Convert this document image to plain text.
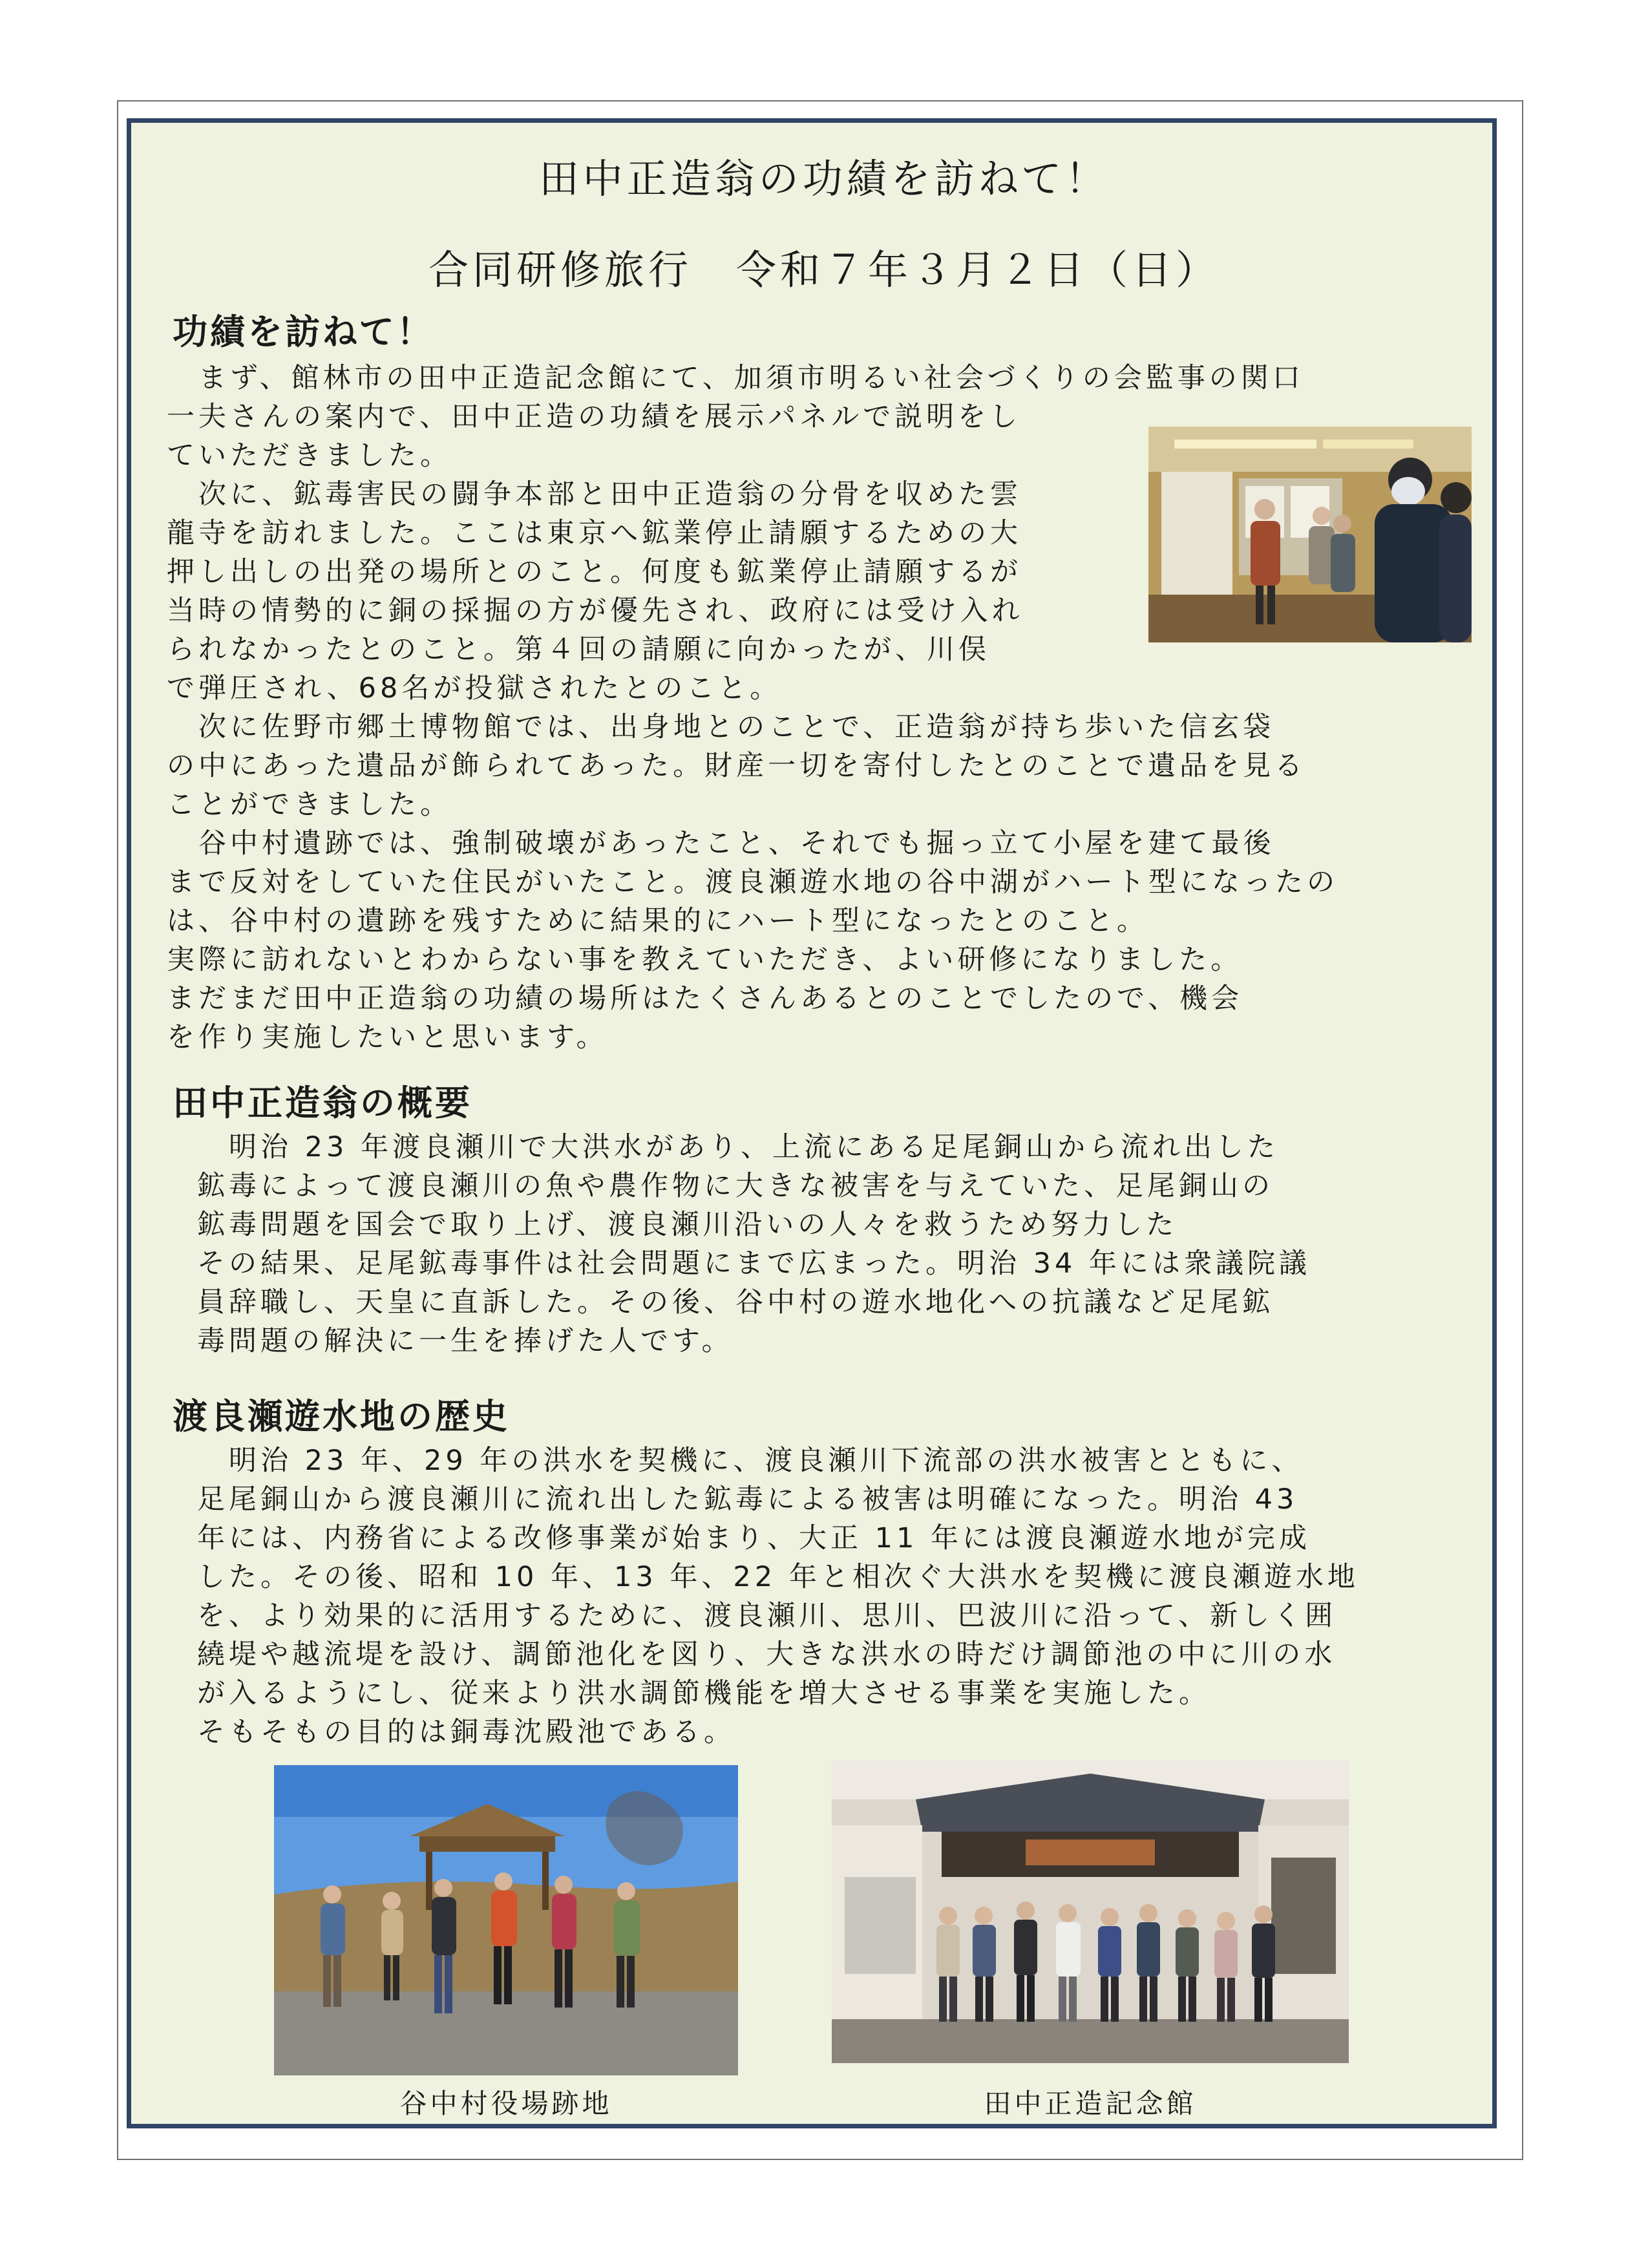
田中正造翁の功績を訪ねて！
合同研修旅行　令和７年３月２日（日）
功績を訪ねて！
　まず、館林市の田中正造記念館にて、加須市明るい社会づくりの会監事の関口
一夫さんの案内で、田中正造の功績を展示パネルで説明をし
ていただきました。
　次に、鉱毒害民の闘争本部と田中正造翁の分骨を収めた雲
龍寺を訪れました。ここは東京へ鉱業停止請願するための大
押し出しの出発の場所とのこと。何度も鉱業停止請願するが
当時の情勢的に銅の採掘の方が優先され、政府には受け入れ
られなかったとのこと。第４回の請願に向かったが、川俣
で弾圧され、68名が投獄されたとのこと。
　次に佐野市郷土博物館では、出身地とのことで、正造翁が持ち歩いた信玄袋
の中にあった遺品が飾られてあった。財産一切を寄付したとのことで遺品を見る
ことができました。
　谷中村遺跡では、強制破壊があったこと、それでも掘っ立て小屋を建て最後
まで反対をしていた住民がいたこと。渡良瀬遊水地の谷中湖がハート型になったの
は、谷中村の遺跡を残すために結果的にハート型になったとのこと。
実際に訪れないとわからない事を教えていただき、よい研修になりました。
まだまだ田中正造翁の功績の場所はたくさんあるとのことでしたので、機会
を作り実施したいと思います。
田中正造翁の概要
　明治 23 年渡良瀬川で大洪水があり、上流にある足尾銅山から流れ出した
鉱毒によって渡良瀬川の魚や農作物に大きな被害を与えていた、足尾銅山の
鉱毒問題を国会で取り上げ、渡良瀬川沿いの人々を救うため努力した
その結果、足尾鉱毒事件は社会問題にまで広まった。明治 34 年には衆議院議
員辞職し、天皇に直訴した。その後、谷中村の遊水地化への抗議など足尾鉱
毒問題の解決に一生を捧げた人です。
渡良瀬遊水地の歴史
　明治 23 年、29 年の洪水を契機に、渡良瀬川下流部の洪水被害とともに、
足尾銅山から渡良瀬川に流れ出した鉱毒による被害は明確になった。明治 43
年には、内務省による改修事業が始まり、大正 11 年には渡良瀬遊水地が完成
した。その後、昭和 10 年、13 年、22 年と相次ぐ大洪水を契機に渡良瀬遊水地
を、より効果的に活用するために、渡良瀬川、思川、巴波川に沿って、新しく囲
繞堤や越流堤を設け、調節池化を図り、大きな洪水の時だけ調節池の中に川の水
が入るようにし、従来より洪水調節機能を増大させる事業を実施した。
そもそもの目的は銅毒沈殿池である。
谷中村役場跡地	田中正造記念館
